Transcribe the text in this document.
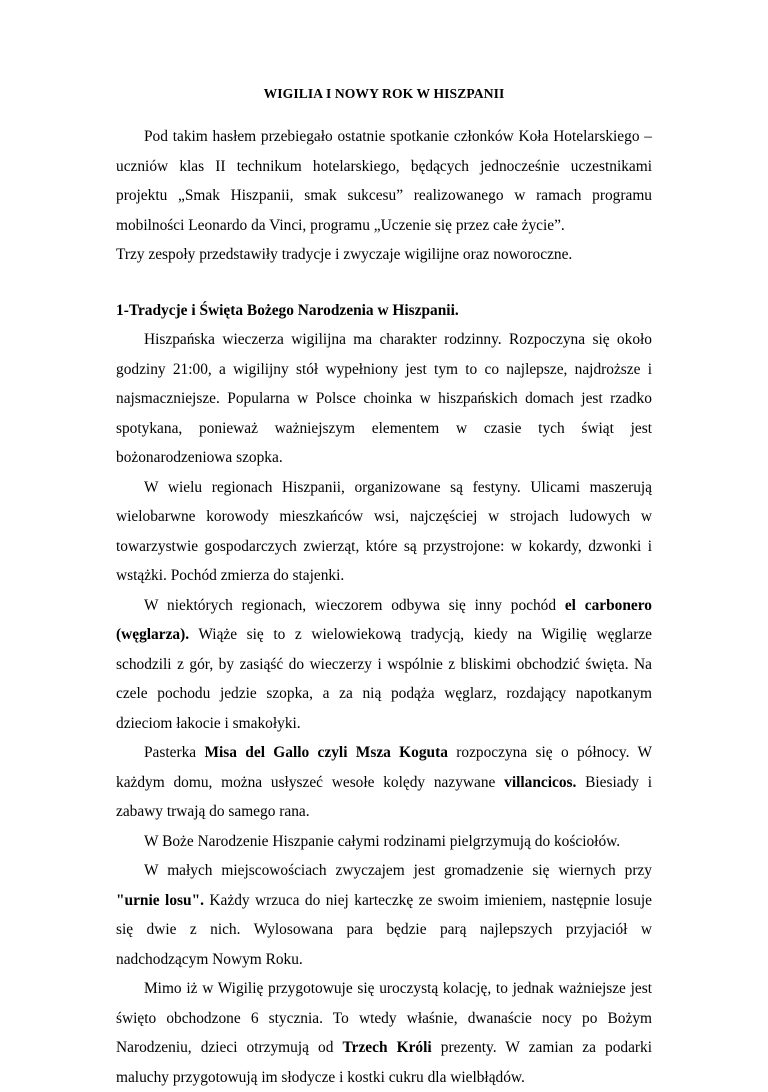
WIGILIA I NOWY ROK W HISZPANII

Pod takim hasłem przebiegało ostatnie spotkanie członków Koła Hotelarskiego – uczniów klas II technikum hotelarskiego, będących jednocześnie uczestnikami projektu „Smak Hiszpanii, smak sukcesu” realizowanego w ramach programu mobilności Leonardo da Vinci, programu „Uczenie się przez całe życie”.

Trzy zespoły przedstawiły tradycje i zwyczaje wigilijne oraz noworoczne.

1-Tradycje i Święta Bożego Narodzenia w Hiszpanii.

Hiszpańska wieczerza wigilijna ma charakter rodzinny. Rozpoczyna się około godziny 21:00, a wigilijny stół wypełniony jest tym to co najlepsze, najdroższe i najsmaczniejsze. Popularna w Polsce choinka w hiszpańskich domach jest rzadko spotykana, ponieważ ważniejszym elementem w czasie tych świąt jest bożonarodzeniowa szopka.

W wielu regionach Hiszpanii, organizowane są festyny. Ulicami maszerują wielobarwne korowody mieszkańców wsi, najczęściej w strojach ludowych w towarzystwie gospodarczych zwierząt, które są przystrojone: w kokardy, dzwonki i wstążki. Pochód zmierza do stajenki.

W niektórych regionach, wieczorem odbywa się inny pochód el carbonero (węglarza). Wiąże się to z wielowiekową tradycją, kiedy na Wigilię węglarze schodzili z gór, by zasiąść do wieczerzy i wspólnie z bliskimi obchodzić święta. Na czele pochodu jedzie szopka, a za nią podąża węglarz, rozdający napotkanym dzieciom łakocie i smakołyki.

Pasterka Misa del Gallo czyli Msza Koguta rozpoczyna się o północy. W każdym domu, można usłyszeć wesołe kolędy nazywane villancicos. Biesiady i zabawy trwają do samego rana.

W Boże Narodzenie Hiszpanie całymi rodzinami pielgrzymują do kościołów.

W małych miejscowościach zwyczajem jest gromadzenie się wiernych przy "urnie losu". Każdy wrzuca do niej karteczkę ze swoim imieniem, następnie losuje się dwie z nich. Wylosowana para będzie parą najlepszych przyjaciół w nadchodzącym Nowym Roku.

Mimo iż w Wigilię przygotowuje się uroczystą kolację, to jednak ważniejsze jest święto obchodzone 6 stycznia. To wtedy właśnie, dwanaście nocy po Bożym Narodzeniu, dzieci otrzymują od Trzech Króli prezenty. W zamian za podarki maluchy przygotowują im słodycze i kostki cukru dla wielbłądów.
